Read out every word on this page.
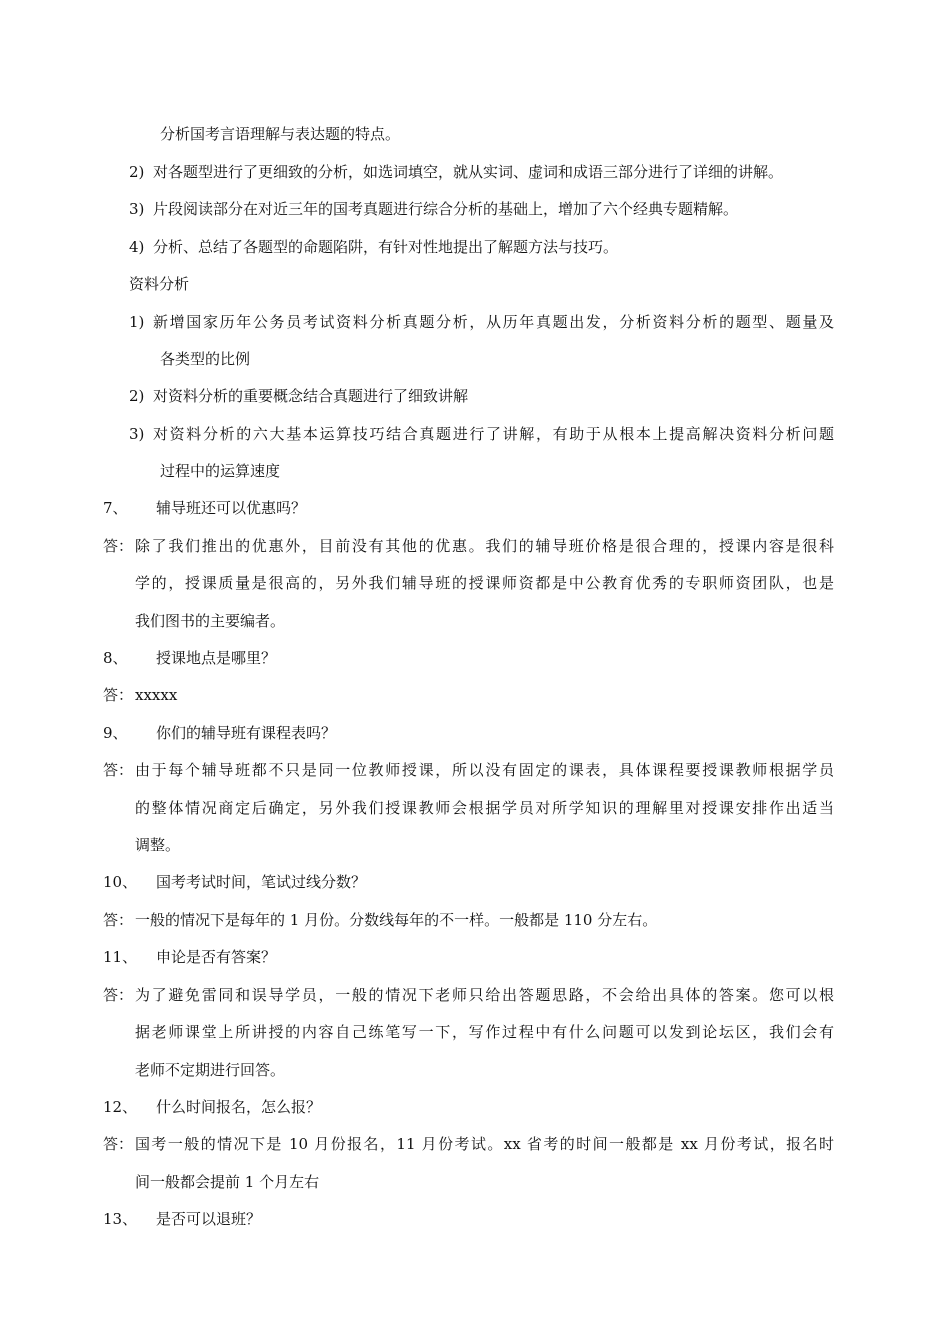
分析国考言语理解与表达题的特点。
2) 对各题型进行了更细致的分析，如选词填空，就从实词、虚词和成语三部分进行了详细的讲解。
3) 片段阅读部分在对近三年的国考真题进行综合分析的基础上，增加了六个经典专题精解。
4) 分析、总结了各题型的命题陷阱，有针对性地提出了解题方法与技巧。
资料分析
1) 新增国家历年公务员考试资料分析真题分析，从历年真题出发，分析资料分析的题型、题量及
各类型的比例
2) 对资料分析的重要概念结合真题进行了细致讲解
3) 对资料分析的六大基本运算技巧结合真题进行了讲解，有助于从根本上提高解决资料分析问题
过程中的运算速度
7、 辅导班还可以优惠吗？
答： 除了我们推出的优惠外，目前没有其他的优惠。我们的辅导班价格是很合理的，授课内容是很科
学的，授课质量是很高的，另外我们辅导班的授课师资都是中公教育优秀的专职师资团队，也是
我们图书的主要编者。
8、 授课地点是哪里？
答： xxxxx
9、 你们的辅导班有课程表吗？
答： 由于每个辅导班都不只是同一位教师授课，所以没有固定的课表，具体课程要授课教师根据学员
的整体情况商定后确定，另外我们授课教师会根据学员对所学知识的理解里对授课安排作出适当
调整。
10、 国考考试时间，笔试过线分数？
答： 一般的情况下是每年的 1 月份。分数线每年的不一样。一般都是 110 分左右。
11、 申论是否有答案？
答： 为了避免雷同和误导学员，一般的情况下老师只给出答题思路，不会给出具体的答案。您可以根
据老师课堂上所讲授的内容自己练笔写一下，写作过程中有什么问题可以发到论坛区，我们会有
老师不定期进行回答。
12、 什么时间报名，怎么报？
答： 国考一般的情况下是 10 月份报名，11 月份考试。xx 省考的时间一般都是 xx 月份考试，报名时
间一般都会提前 1 个月左右
13、 是否可以退班？
